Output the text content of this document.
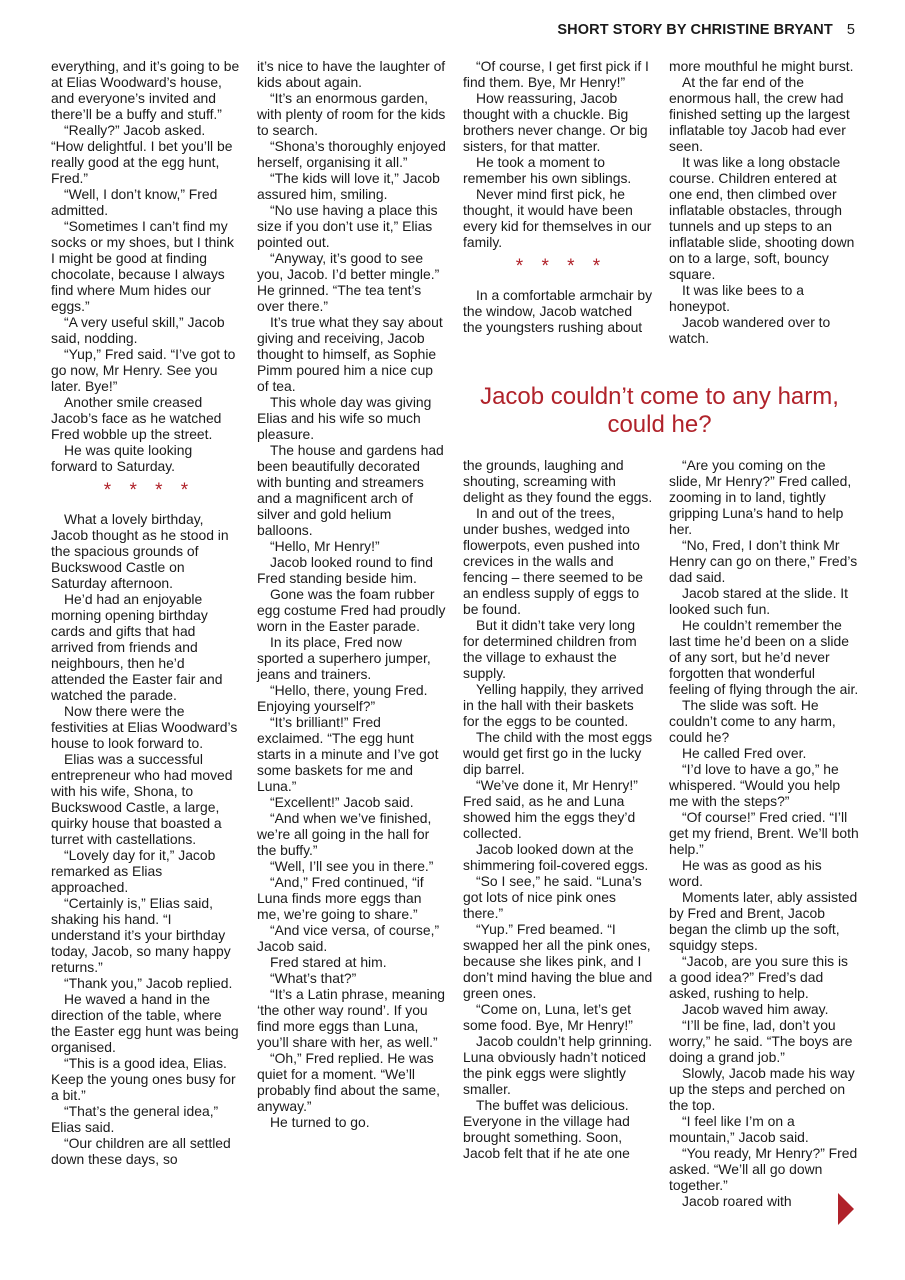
SHORT STORY BY CHRISTINE BRYANT 5

everything, and it’s going to be at Elias Woodward’s house, and everyone’s invited and there’ll be a buffy and stuff.”

“Really?” Jacob asked. “How delightful. I bet you’ll be really good at the egg hunt, Fred.”

“Well, I don’t know,” Fred admitted.

“Sometimes I can’t find my socks or my shoes, but I think I might be good at finding chocolate, because I always find where Mum hides our eggs.”

“A very useful skill,” Jacob said, nodding.

“Yup,” Fred said. “I’ve got to go now, Mr Henry. See you later. Bye!”

Another smile creased Jacob’s face as he watched Fred wobble up the street.

He was quite looking forward to Saturday.

* * * *

What a lovely birthday, Jacob thought as he stood in the spacious grounds of Buckswood Castle on Saturday afternoon.

He’d had an enjoyable morning opening birthday cards and gifts that had arrived from friends and neighbours, then he’d attended the Easter fair and watched the parade.

Now there were the festivities at Elias Woodward’s house to look forward to.

Elias was a successful entrepreneur who had moved with his wife, Shona, to Buckswood Castle, a large, quirky house that boasted a turret with castellations.

“Lovely day for it,” Jacob remarked as Elias approached.

“Certainly is,” Elias said, shaking his hand. “I understand it’s your birthday today, Jacob, so many happy returns.”

“Thank you,” Jacob replied.

He waved a hand in the direction of the table, where the Easter egg hunt was being organised.

“This is a good idea, Elias. Keep the young ones busy for a bit.”

“That’s the general idea,” Elias said.

“Our children are all settled down these days, so

it’s nice to have the laughter of kids about again.

“It’s an enormous garden, with plenty of room for the kids to search.

“Shona’s thoroughly enjoyed herself, organising it all.”

“The kids will love it,” Jacob assured him, smiling.

“No use having a place this size if you don’t use it,” Elias pointed out.

“Anyway, it’s good to see you, Jacob. I’d better mingle.” He grinned. “The tea tent’s over there.”

It’s true what they say about giving and receiving, Jacob thought to himself, as Sophie Pimm poured him a nice cup of tea.

This whole day was giving Elias and his wife so much pleasure.

The house and gardens had been beautifully decorated with bunting and streamers and a magnificent arch of silver and gold helium balloons.

“Hello, Mr Henry!”

Jacob looked round to find Fred standing beside him.

Gone was the foam rubber egg costume Fred had proudly worn in the Easter parade.

In its place, Fred now sported a superhero jumper, jeans and trainers.

“Hello, there, young Fred. Enjoying yourself?”

“It’s brilliant!” Fred exclaimed. “The egg hunt starts in a minute and I’ve got some baskets for me and Luna.”

“Excellent!” Jacob said.

“And when we’ve finished, we’re all going in the hall for the buffy.”

“Well, I’ll see you in there.”

“And,” Fred continued, “if Luna finds more eggs than me, we’re going to share.”

“And vice versa, of course,” Jacob said.

Fred stared at him.

“What’s that?”

“It’s a Latin phrase, meaning ‘the other way round’. If you find more eggs than Luna, you’ll share with her, as well.”

“Oh,” Fred replied. He was quiet for a moment. “We’ll probably find about the same, anyway.”

He turned to go.

“Of course, I get first pick if I find them. Bye, Mr Henry!”

How reassuring, Jacob thought with a chuckle. Big brothers never change. Or big sisters, for that matter.

He took a moment to remember his own siblings.

Never mind first pick, he thought, it would have been every kid for themselves in our family.

* * * *

In a comfortable armchair by the window, Jacob watched the youngsters rushing about

more mouthful he might burst.

At the far end of the enormous hall, the crew had finished setting up the largest inflatable toy Jacob had ever seen.

It was like a long obstacle course. Children entered at one end, then climbed over inflatable obstacles, through tunnels and up steps to an inflatable slide, shooting down on to a large, soft, bouncy square.

It was like bees to a honeypot.

Jacob wandered over to watch.

Jacob couldn’t come to any harm, could he?

the grounds, laughing and shouting, screaming with delight as they found the eggs.

In and out of the trees, under bushes, wedged into flowerpots, even pushed into crevices in the walls and fencing – there seemed to be an endless supply of eggs to be found.

But it didn’t take very long for determined children from the village to exhaust the supply.

Yelling happily, they arrived in the hall with their baskets for the eggs to be counted.

The child with the most eggs would get first go in the lucky dip barrel.

“We’ve done it, Mr Henry!” Fred said, as he and Luna showed him the eggs they’d collected.

Jacob looked down at the shimmering foil-covered eggs.

“So I see,” he said. “Luna’s got lots of nice pink ones there.”

“Yup.” Fred beamed. “I swapped her all the pink ones, because she likes pink, and I don’t mind having the blue and green ones.

“Come on, Luna, let’s get some food. Bye, Mr Henry!”

Jacob couldn’t help grinning. Luna obviously hadn’t noticed the pink eggs were slightly smaller.

The buffet was delicious. Everyone in the village had brought something. Soon, Jacob felt that if he ate one

“Are you coming on the slide, Mr Henry?” Fred called, zooming in to land, tightly gripping Luna’s hand to help her.

“No, Fred, I don’t think Mr Henry can go on there,” Fred’s dad said.

Jacob stared at the slide. It looked such fun.

He couldn’t remember the last time he’d been on a slide of any sort, but he’d never forgotten that wonderful feeling of flying through the air.

The slide was soft. He couldn’t come to any harm, could he?

He called Fred over.

“I’d love to have a go,” he whispered. “Would you help me with the steps?”

“Of course!” Fred cried. “I’ll get my friend, Brent. We’ll both help.”

He was as good as his word.

Moments later, ably assisted by Fred and Brent, Jacob began the climb up the soft, squidgy steps.

“Jacob, are you sure this is a good idea?” Fred’s dad asked, rushing to help.

Jacob waved him away.

“I’ll be fine, lad, don’t you worry,” he said. “The boys are doing a grand job.”

Slowly, Jacob made his way up the steps and perched on the top.

“I feel like I’m on a mountain,” Jacob said.

“You ready, Mr Henry?” Fred asked. “We’ll all go down together.”

Jacob roared with
